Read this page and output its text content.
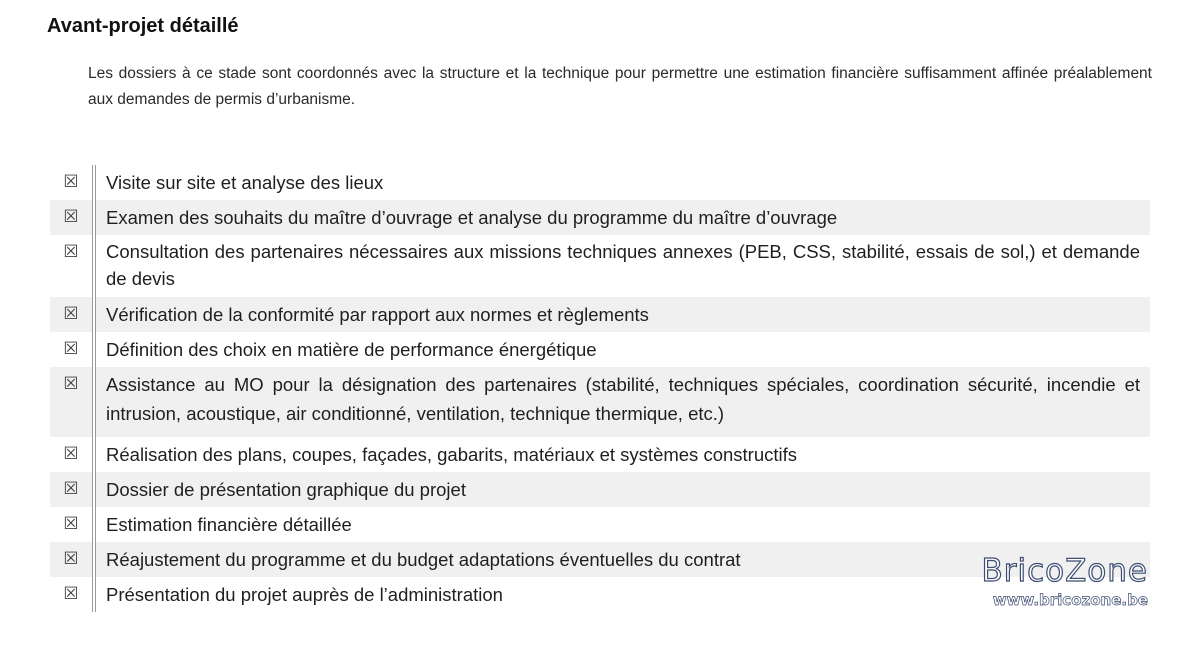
Avant-projet détaillé
Les dossiers à ce stade sont coordonnés avec la structure et la technique pour permettre une estimation financière suffisamment affinée préalablement aux demandes de permis d’urbanisme.
☒	Visite sur site et analyse des lieux
☒	Examen des souhaits du maître d’ouvrage et analyse du programme du maître d’ouvrage
☒	Consultation des partenaires nécessaires aux missions techniques annexes (PEB, CSS, stabilité, essais de sol,) et demande de devis
☒	Vérification de la conformité par rapport aux normes et règlements
☒	Définition des choix en matière de performance énergétique
☒	Assistance au MO pour la désignation des partenaires (stabilité, techniques spéciales, coordination sécurité, incendie et intrusion, acoustique, air conditionné, ventilation, technique thermique, etc.)
☒	Réalisation des plans, coupes, façades, gabarits, matériaux et systèmes constructifs
☒	Dossier de présentation graphique du projet
☒	Estimation financière détaillée
☒	Réajustement du programme et du budget adaptations éventuelles du contrat
☒	Présentation du projet auprès de l’administration
BricoZone
www.bricozone.be
